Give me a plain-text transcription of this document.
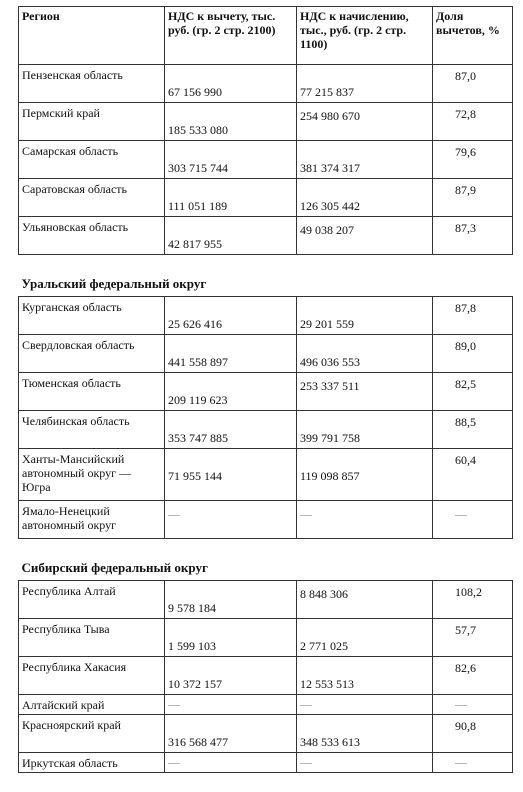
Регион	НДС к вычету, тыс. руб. (гр. 2 стр. 2100)	НДС к начислению, тыс., руб. (гр. 2 стр. 1100)	Доля вычетов, %
Пензенская область	67 156 990	77 215 837	87,0

Пермский край	185 533 080	254 980 670	72,8

Самарская область	303 715 744	381 374 317	79,6

Саратовская область	111 051 189	126 305 442	87,9

Ульяновская область	42 817 955	49 038 207	87,3

Уральский федеральный округ			
Курганская область	25 626 416	29 201 559	87,8

Свердловская область	441 558 897	496 036 553	89,0

Тюменская область	209 119 623	253 337 511	82,5

Челябинская область	353 747 885	399 791 758	88,5

Ханты-Мансийский автономный округ — Югра	71 955 144	119 098 857	60,4

Ямало-Ненецкий автономный округ	—	—	—

Сибирский федеральный округ			
Республика Алтай	9 578 184	8 848 306	108,2

Республика Тыва	1 599 103	2 771 025	57,7

Республика Хакасия	10 372 157	12 553 513	82,6

Алтайский край	—	—	—

Красноярский край	316 568 477	348 533 613	90,8

Иркутская область	—	—	—
